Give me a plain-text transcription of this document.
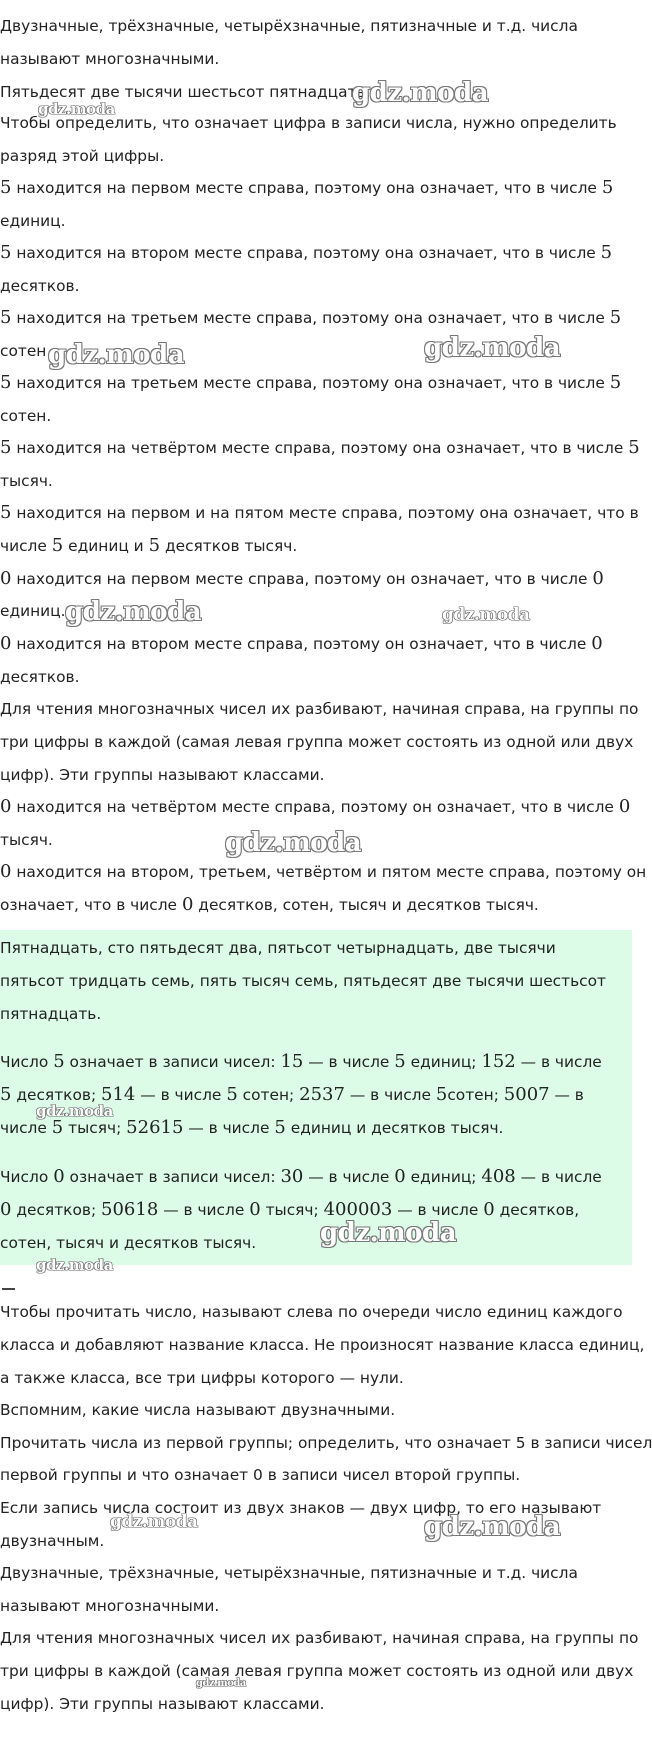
Двузначные, трёхзначные, четырёхзначные, пятизначные и т.д. числа
называют многозначными.
Пятьдесят две тысячи шестьсот пятнадцать.
Чтобы определить, что означает цифра в записи числа, нужно определить
разряд этой цифры.
5 находится на первом месте справа, поэтому она означает, что в числе 5
единиц.
5 находится на втором месте справа, поэтому она означает, что в числе 5
десятков.
5 находится на третьем месте справа, поэтому она означает, что в числе 5
сотен.
5 находится на третьем месте справа, поэтому она означает, что в числе 5
сотен.
5 находится на четвёртом месте справа, поэтому она означает, что в числе 5
тысяч.
5 находится на первом и на пятом месте справа, поэтому она означает, что в
числе 5 единиц и 5 десятков тысяч.
0 находится на первом месте справа, поэтому он означает, что в числе 0
единиц.
0 находится на втором месте справа, поэтому он означает, что в числе 0
десятков.
Для чтения многозначных чисел их разбивают, начиная справа, на группы по
три цифры в каждой (самая левая группа может состоять из одной или двух
цифр). Эти группы называют классами.
0 находится на четвёртом месте справа, поэтому он означает, что в числе 0
тысяч.
0 находится на втором, третьем, четвёртом и пятом месте справа, поэтому он
означает, что в числе 0 десятков, сотен, тысяч и десятков тысяч.
Пятнадцать, сто пятьдесят два, пятьсот четырнадцать, две тысячи
пятьсот тридцать семь, пять тысяч семь, пятьдесят две тысячи шестьсот
пятнадцать.
Число 5 означает в записи чисел: 15 — в числе 5 единиц; 152 — в числе
5 десятков; 514 — в числе 5 сотен; 2537 — в числе 5сотен; 5007 — в
числе 5 тысяч; 52615 — в числе 5 единиц и десятков тысяч.
Число 0 означает в записи чисел: 30 — в числе 0 единиц; 408 — в числе
0 десятков; 50618 — в числе 0 тысяч; 400003 — в числе 0 десятков,
сотен, тысяч и десятков тысяч.
Чтобы прочитать число, называют слева по очереди число единиц каждого
класса и добавляют название класса. Не произносят название класса единиц,
а также класса, все три цифры которого — нули.
Вспомним, какие числа называют двузначными.
Прочитать числа из первой группы; определить, что означает 5 в записи чисел
первой группы и что означает 0 в записи чисел второй группы.
Если запись числа состоит из двух знаков — двух цифр, то его называют
двузначным.
Двузначные, трёхзначные, четырёхзначные, пятизначные и т.д. числа
называют многозначными.
Для чтения многозначных чисел их разбивают, начиная справа, на группы по
три цифры в каждой (самая левая группа может состоять из одной или двух
цифр). Эти группы называют классами.
gdz.moda
gdz.moda
gdz.moda	gdz.moda
gdz.moda	gdz.moda
gdz.moda
gdz.moda
gdz.moda
gdz.moda
gdz.moda	gdz.moda
gdz.moda
